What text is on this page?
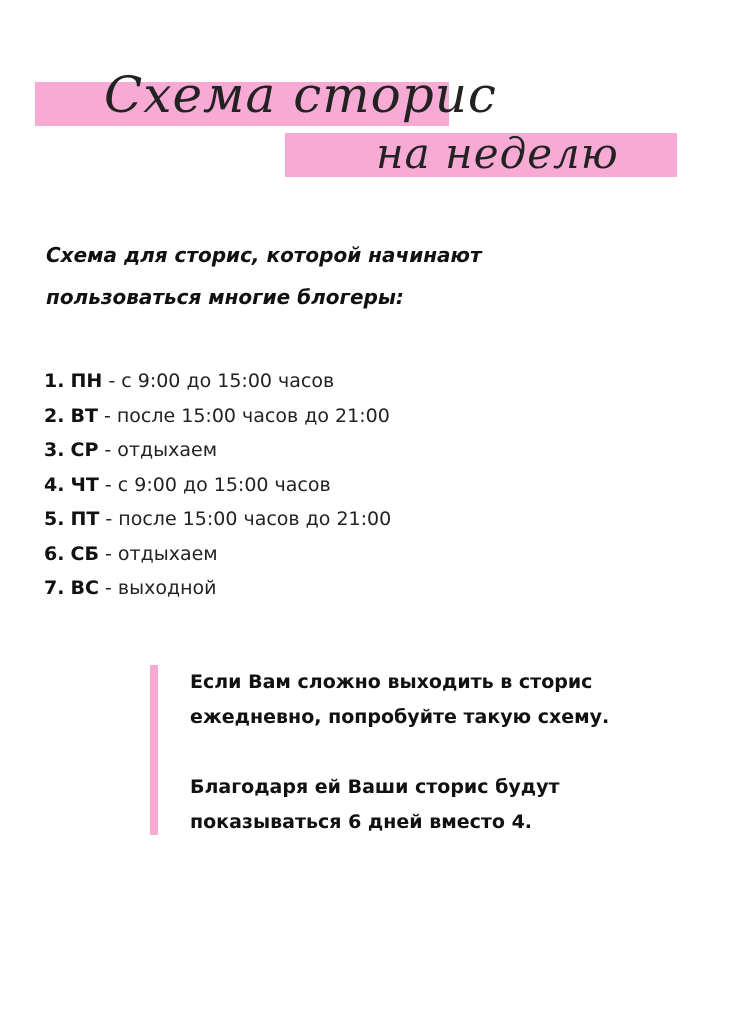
Схема сторис
на неделю
Схема для сторис, которой начинают
пользоваться многие блогеры:
1. ПН - с 9:00 до 15:00 часов
2. ВТ - после 15:00 часов до 21:00
3. СР - отдыхаем
4. ЧТ - с 9:00 до 15:00 часов
5. ПТ - после 15:00 часов до 21:00
6. СБ - отдыхаем
7. ВС - выходной

Если Вам сложно выходить в сторис
ежедневно, попробуйте такую схему.

Благодаря ей Ваши сторис будут
показываться 6 дней вместо 4.
